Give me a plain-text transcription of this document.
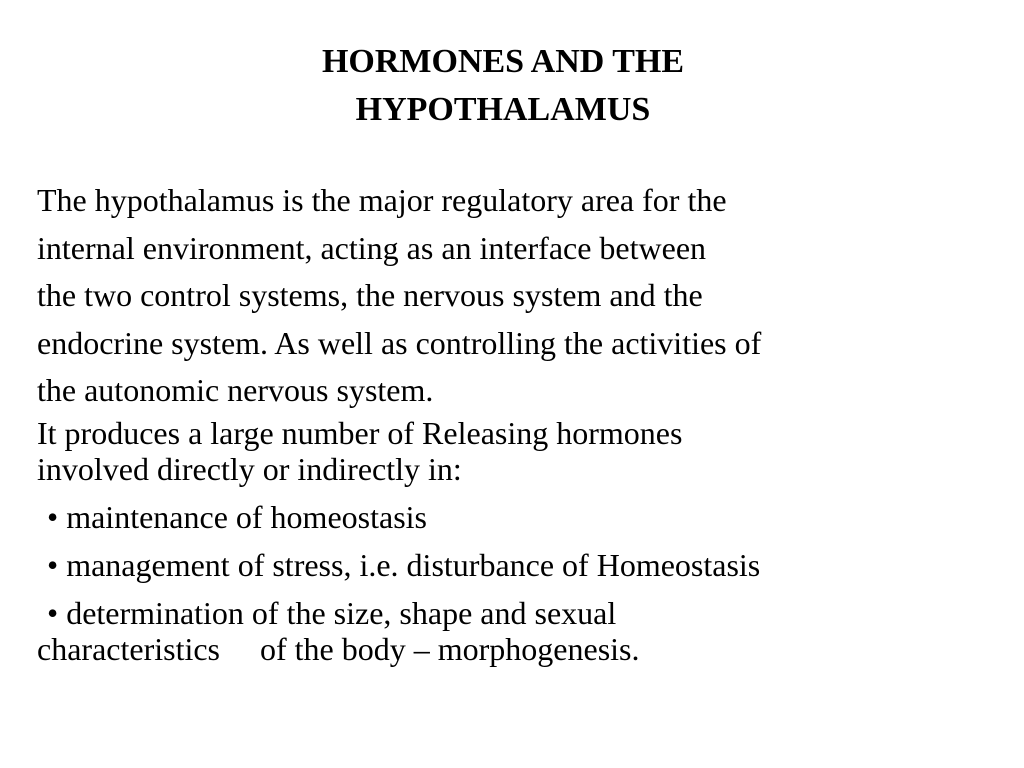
HORMONES AND THE
HYPOTHALAMUS
The hypothalamus is the major regulatory area for the
internal environment, acting as an interface between
the two control systems, the nervous system and the
endocrine system. As well as controlling the activities of
the autonomic nervous system.
It produces a large number of Releasing hormones
involved directly or indirectly in:
• maintenance of homeostasis
• management of stress, i.e. disturbance of Homeostasis
• determination of the size, shape and sexual
characteristics     of the body – morphogenesis.
